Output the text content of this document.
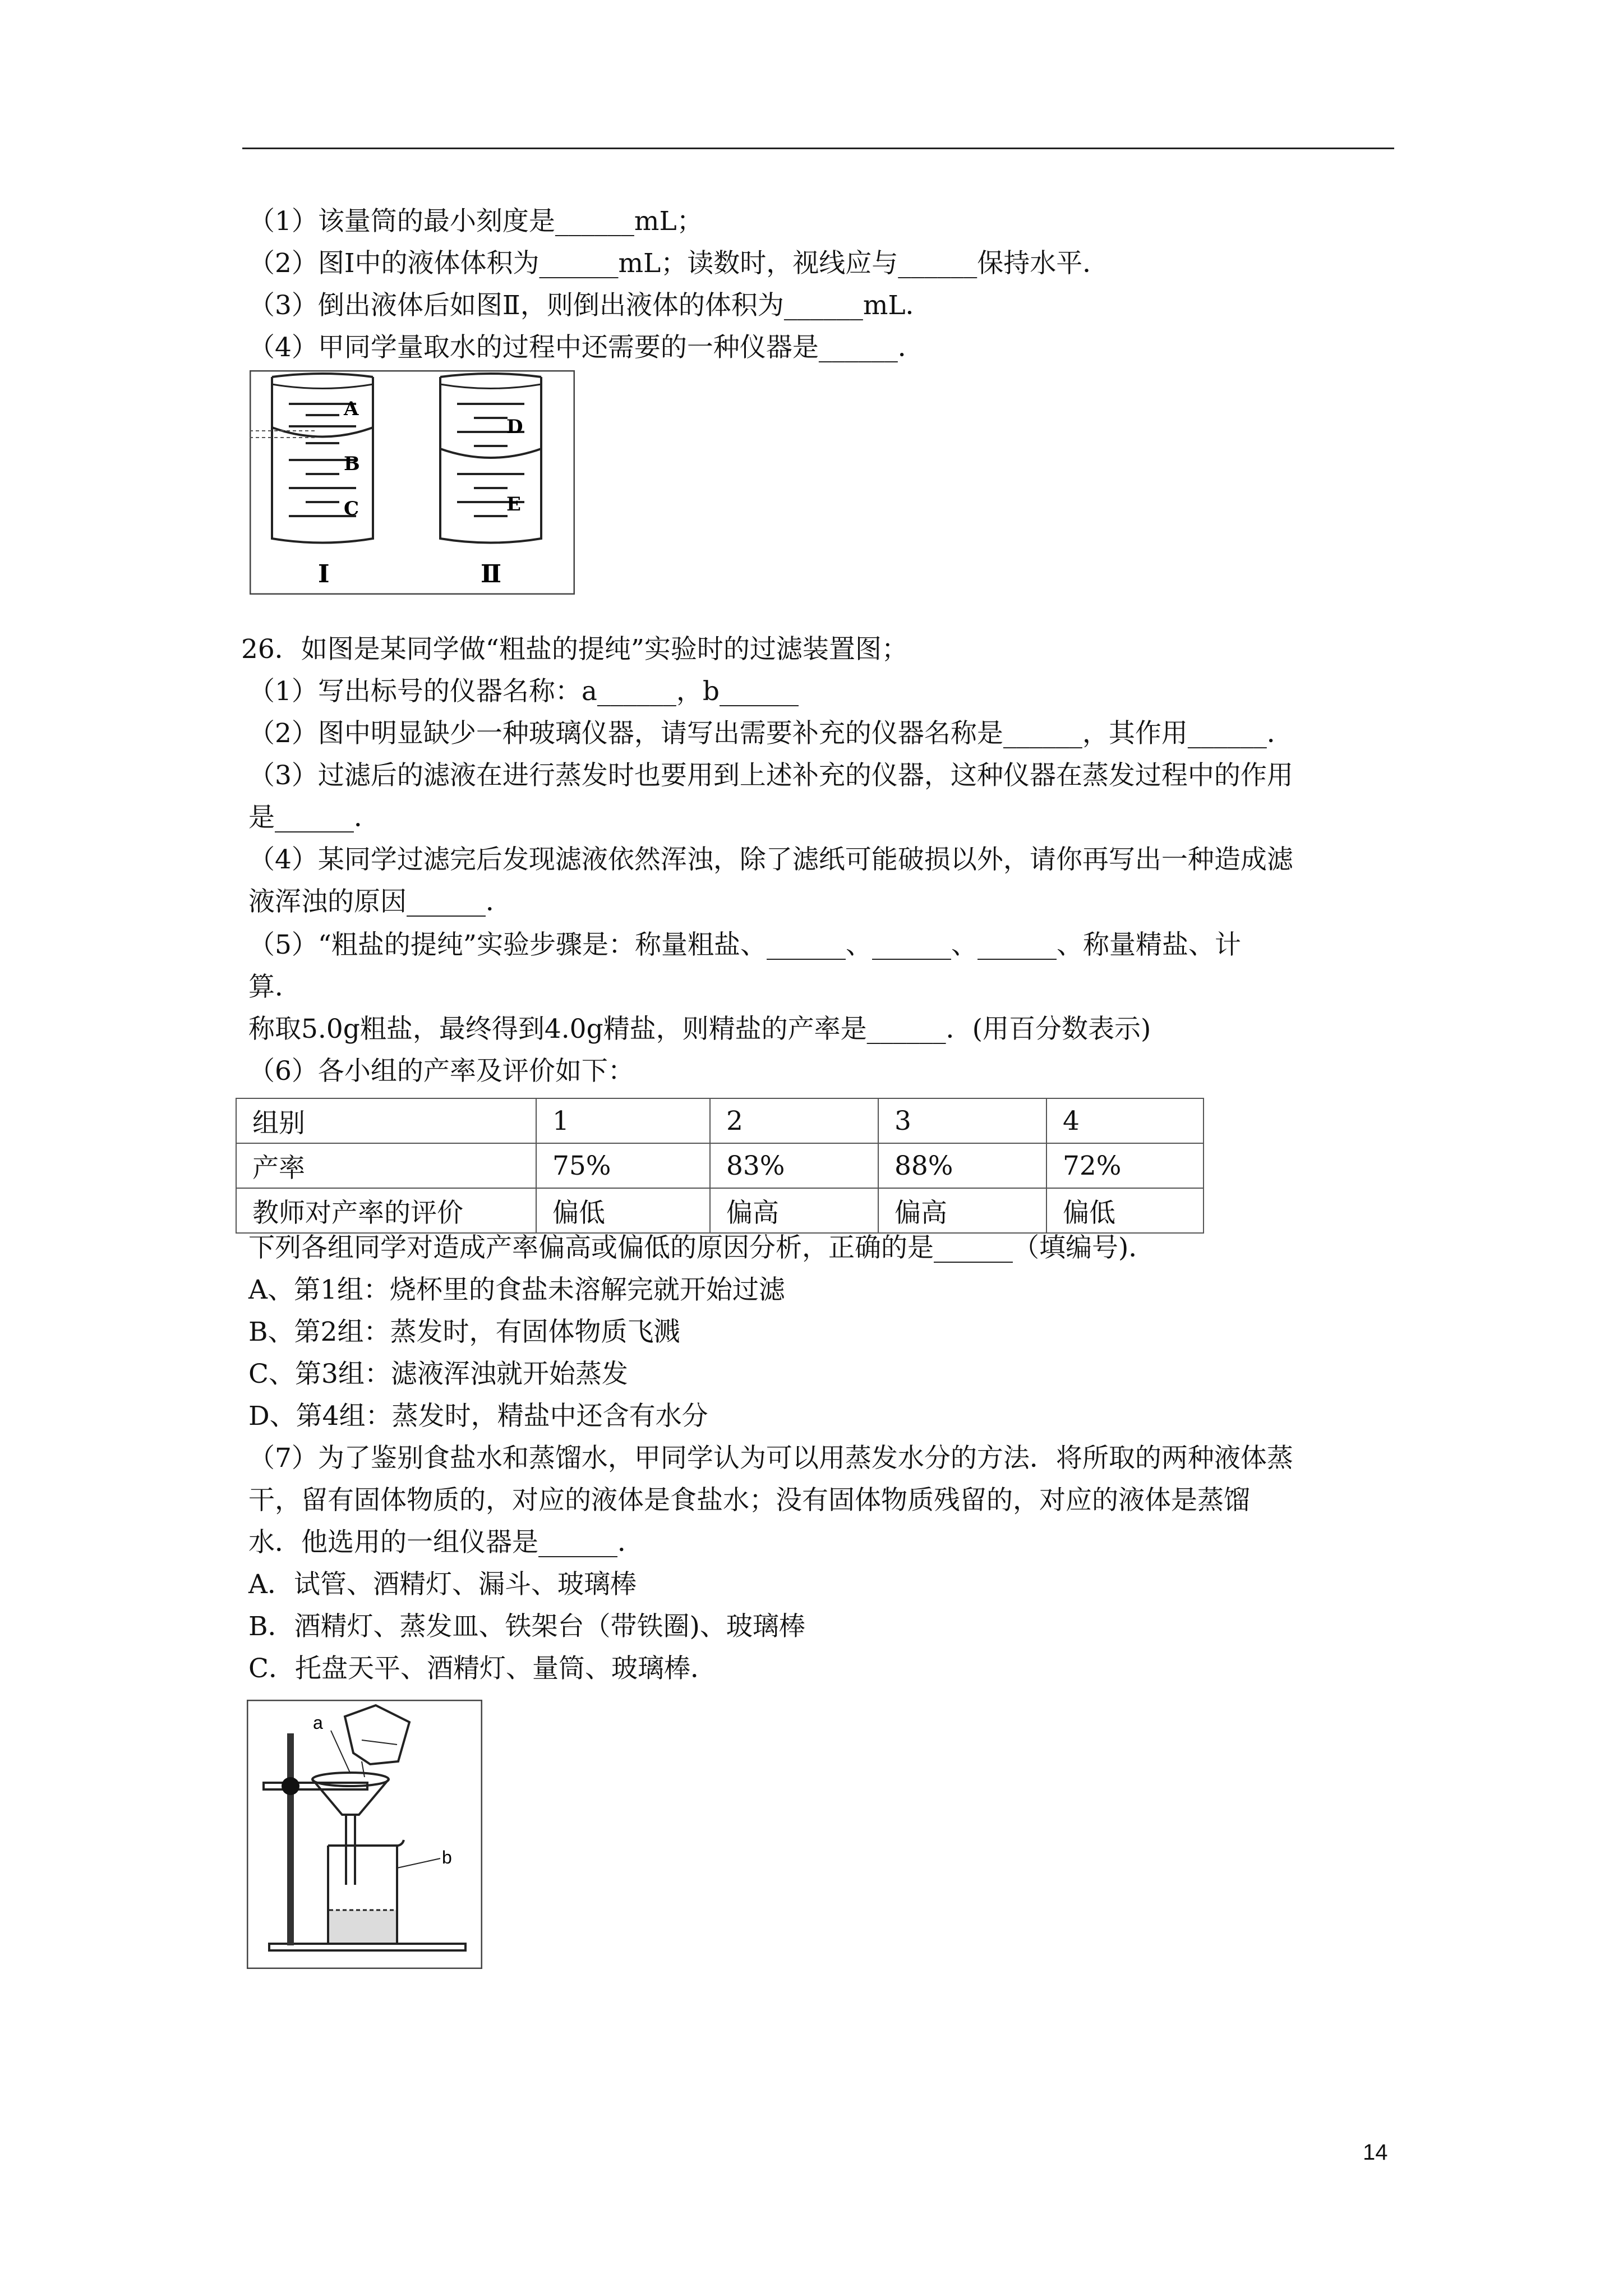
（1）该量筒的最小刻度是______mL；
（2）图Ⅰ中的液体体积为______mL；读数时，视线应与______保持水平．
（3）倒出液体后如图Ⅱ，则倒出液体的体积为______mL．
（4）甲同学量取水的过程中还需要的一种仪器是______．
A
B
C
Ⅰ
D
E
Ⅱ
26．如图是某同学做“粗盐的提纯”实验时的过滤装置图；
（1）写出标号的仪器名称：a______，b______
（2）图中明显缺少一种玻璃仪器，请写出需要补充的仪器名称是______，其作用______．
（3）过滤后的滤液在进行蒸发时也要用到上述补充的仪器，这种仪器在蒸发过程中的作用
是______．
（4）某同学过滤完后发现滤液依然浑浊，除了滤纸可能破损以外，请你再写出一种造成滤
液浑浊的原因______．
（5）“粗盐的提纯”实验步骤是：称量粗盐、______、______、______、称量精盐、计
算．
称取5.0g粗盐，最终得到4.0g精盐，则精盐的产率是______．(用百分数表示)
（6）各小组的产率及评价如下：
组别	1	2	3	4
产率	75%	83%	88%	72%
教师对产率的评价	偏低	偏高	偏高	偏低
下列各组同学对造成产率偏高或偏低的原因分析，正确的是______（填编号)．
A、第1组：烧杯里的食盐未溶解完就开始过滤
B、第2组：蒸发时，有固体物质飞溅
C、第3组：滤液浑浊就开始蒸发
D、第4组：蒸发时，精盐中还含有水分
（7）为了鉴别食盐水和蒸馏水，甲同学认为可以用蒸发水分的方法．将所取的两种液体蒸
干，留有固体物质的，对应的液体是食盐水；没有固体物质残留的，对应的液体是蒸馏
水．他选用的一组仪器是______．
A．试管、酒精灯、漏斗、玻璃棒
B．酒精灯、蒸发皿、铁架台（带铁圈)、玻璃棒
C．托盘天平、酒精灯、量筒、玻璃棒．
a
b
14
